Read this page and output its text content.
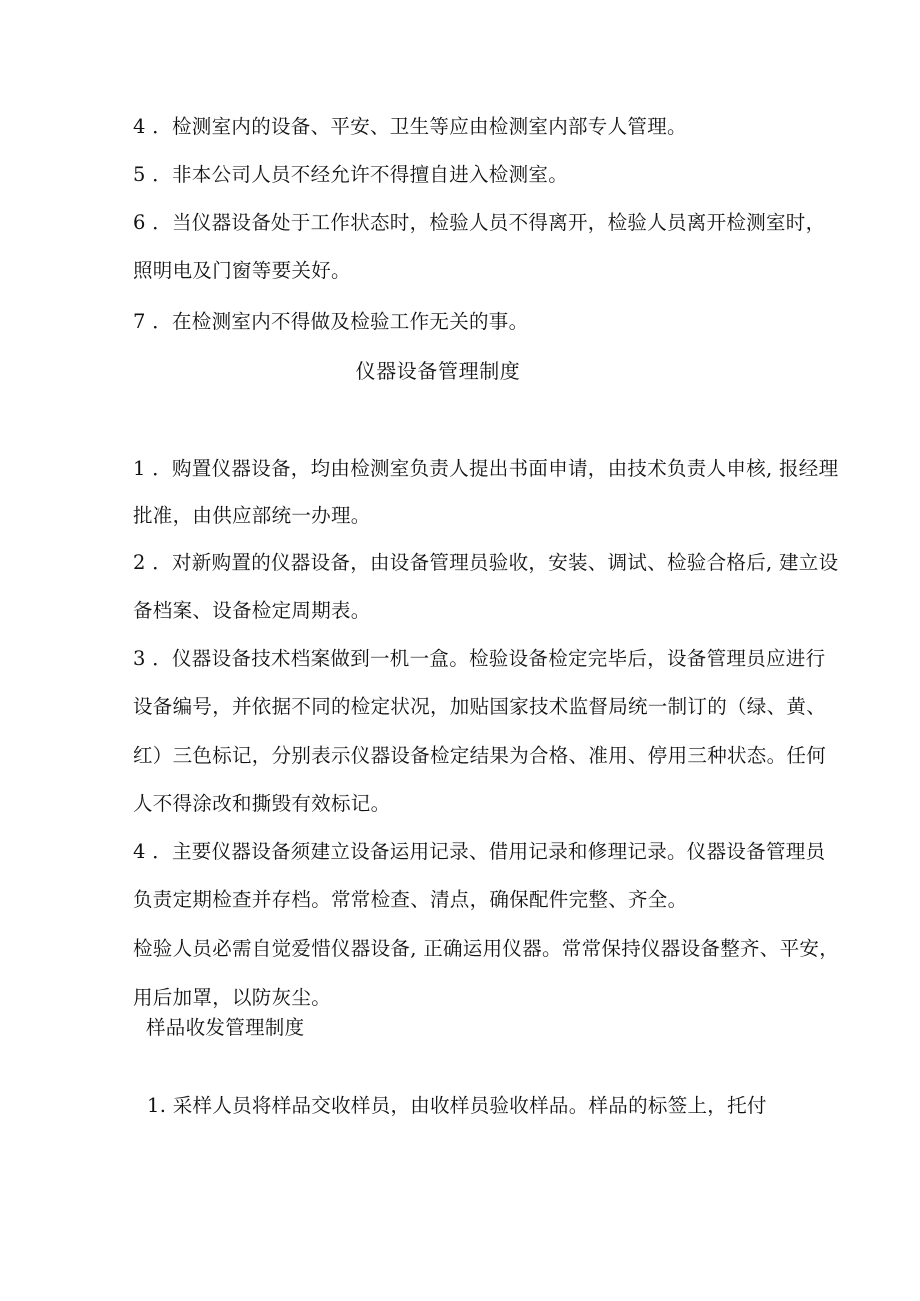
4 ．检测室内的设备、平安、卫生等应由检测室内部专人管理。
5 ．非本公司人员不经允许不得擅自进入检测室。
6 ．当仪器设备处于工作状态时，检验人员不得离开，检验人员离开检测室时，
照明电及门窗等要关好。
7 ．在检测室内不得做及检验工作无关的事。
仪器设备管理制度
1 ．购置仪器设备，均由检测室负责人提出书面申请，由技术负责人申核, 报经理
批准，由供应部统一办理。
2 ．对新购置的仪器设备，由设备管理员验收，安装、调试、检验合格后, 建立设
备档案、设备检定周期表。
3 ．仪器设备技术档案做到一机一盒。检验设备检定完毕后，设备管理员应进行
设备编号，并依据不同的检定状况，加贴国家技术监督局统一制订的（绿、黄、
红）三色标记，分别表示仪器设备检定结果为合格、准用、停用三种状态。任何
人不得涂改和撕毁有效标记。
4 ．主要仪器设备须建立设备运用记录、借用记录和修理记录。仪器设备管理员
负责定期检查并存档。常常检查、清点，确保配件完整、齐全。
检验人员必需自觉爱惜仪器设备, 正确运用仪器。常常保持仪器设备整齐、平安，
用后加罩，以防灰尘。
样品收发管理制度
1. 采样人员将样品交收样员，由收样员验收样品。样品的标签上，托付
